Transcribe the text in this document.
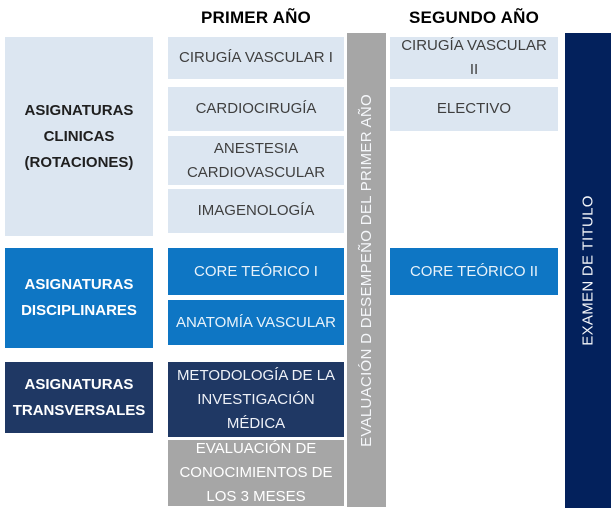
PRIMER AÑO	SEGUNDO AÑO
ASIGNATURAS CLINICAS (ROTACIONES)
ASIGNATURAS DISCIPLINARES
ASIGNATURAS TRANSVERSALES
CIRUGÍA VASCULAR I
CARDIOCIRUGÍA
ANESTESIA CARDIOVASCULAR
IMAGENOLOGÍA
CORE TEÓRICO I
ANATOMÍA VASCULAR
METODOLOGÍA DE LA INVESTIGACIÓN MÉDICA
EVALUACIÓN DE CONOCIMIENTOS DE LOS 3 MESES
EVALUACIÓN D DESEMPEÑO DEL PRIMER AÑO
CIRUGÍA VASCULAR II
ELECTIVO
CORE TEÓRICO II	EXAMEN DE TITULO
